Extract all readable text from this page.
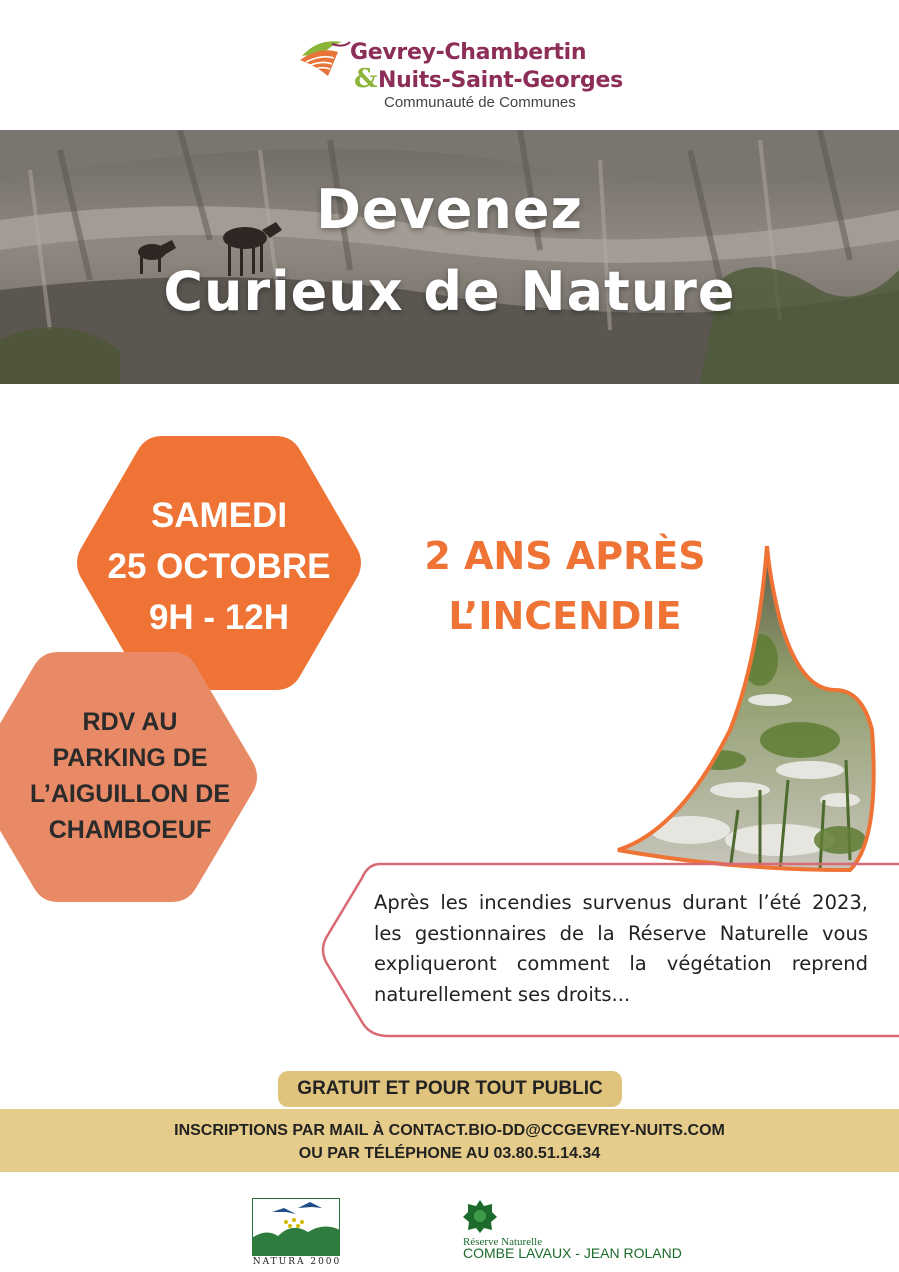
Gevrey-Chambertin
& Nuits-Saint-Georges
Communauté de Communes
Devenez
Curieux de Nature
SAMEDI
25 OCTOBRE
9H - 12H
RDV AU
PARKING DE
L’AIGUILLON DE
CHAMBOEUF
2 ANS APRÈS
L’INCENDIE
Après les incendies survenus durant l’été 2023, les gestionnaires de la Réserve Naturelle vous expliqueront comment la végétation reprend naturellement ses droits...
GRATUIT ET POUR TOUT PUBLIC
INSCRIPTIONS PAR MAIL À CONTACT.BIO-DD@CCGEVREY-NUITS.COM
OU PAR TÉLÉPHONE AU 03.80.51.14.34
NATURA 2000
Réserve Naturelle
COMBE LAVAUX - JEAN ROLAND
